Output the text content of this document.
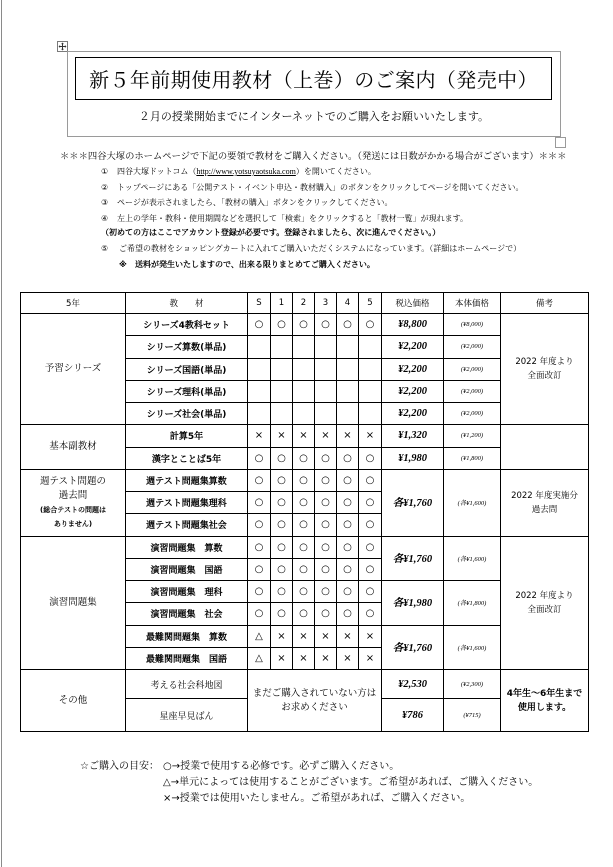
新５年前期使用教材（上巻）のご案内（発売中）
２月の授業開始までにインターネットでのご購入をお願いいたします。
＊＊＊四谷大塚のホームページで下記の要領で教材をご購入ください。（発送には日数がかかる場合がございます）＊＊＊
① 四谷大塚ドットコム（http://www.yotsuyaotsuka.com）を開いてください。
② トップページにある「公開テスト・イベント申込・教材購入」のボタンをクリックしてページを開いてください。
③ ページが表示されましたら、「教材の購入」ボタンをクリックしてください。
④ 左上の学年・教科・使用期間などを選択して「検索」をクリックすると「教材一覧」が現れます。
（初めての方はここでアカウント登録が必要です。登録されましたら、次に進んでください。）
⑤ ご希望の教材をショッピングカートに入れてご購入いただくシステムになっています。（詳細はホームページで）
※ 送料が発生いたしますので、出来る限りまとめてご購入ください。
5年	教　　材	S	1	2	3	4	5	税込価格	本体価格	備考

予習シリーズ	シリーズ4教科セット	○	○	○	○	○	○	¥8,800	(¥8,000)	2022 年度より
全面改訂

	シリーズ算数(単品)							¥2,200	(¥2,000)	
	シリーズ国語(単品)							¥2,200	(¥2,000)	
	シリーズ理科(単品)							¥2,200	(¥2,000)	
	シリーズ社会(単品)							¥2,200	(¥2,000)	

基本副教材	計算5年	×	×	×	×	×	×	¥1,320	(¥1,200)	
	漢字とことば5年	○	○	○	○	○	○	¥1,980	(¥1,800)	

週テスト問題の
過去問
(総合テストの問題は
ありません)	週テスト問題集算数	○	○	○	○	○	○	各¥1,760	(各¥1,600)	2022 年度実施分
過去問

	週テスト問題集理科	○	○	○	○	○	○			
	週テスト問題集社会	○	○	○	○	○	○			

演習問題集	演習問題集　算数	○	○	○	○	○	○	各¥1,760	(各¥1,600)	2022 年度より
全面改訂

	演習問題集　国語	○	○	○	○	○	○			
	演習問題集　理科	○	○	○	○	○	○	各¥1,980	(各¥1,800)	
	演習問題集　社会	○	○	○	○	○	○			
	最難関問題集　算数	△	×	×	×	×	×	各¥1,760	(各¥1,600)	
	最難関問題集　国語	△	×	×	×	×	×			

その他	考える社会科地図	まだご購入されていない方は
お求めください						¥2,530	(¥2,300)	4年生〜6年生まで
使用します。

	星座早見ばん							¥786	(¥715)	
☆ご購入の目安： ○→授業で使用する必修です。必ずご購入ください。
△→単元によっては使用することがございます。ご希望があれば、ご購入ください。
×→授業では使用いたしません。ご希望があれば、ご購入ください。
